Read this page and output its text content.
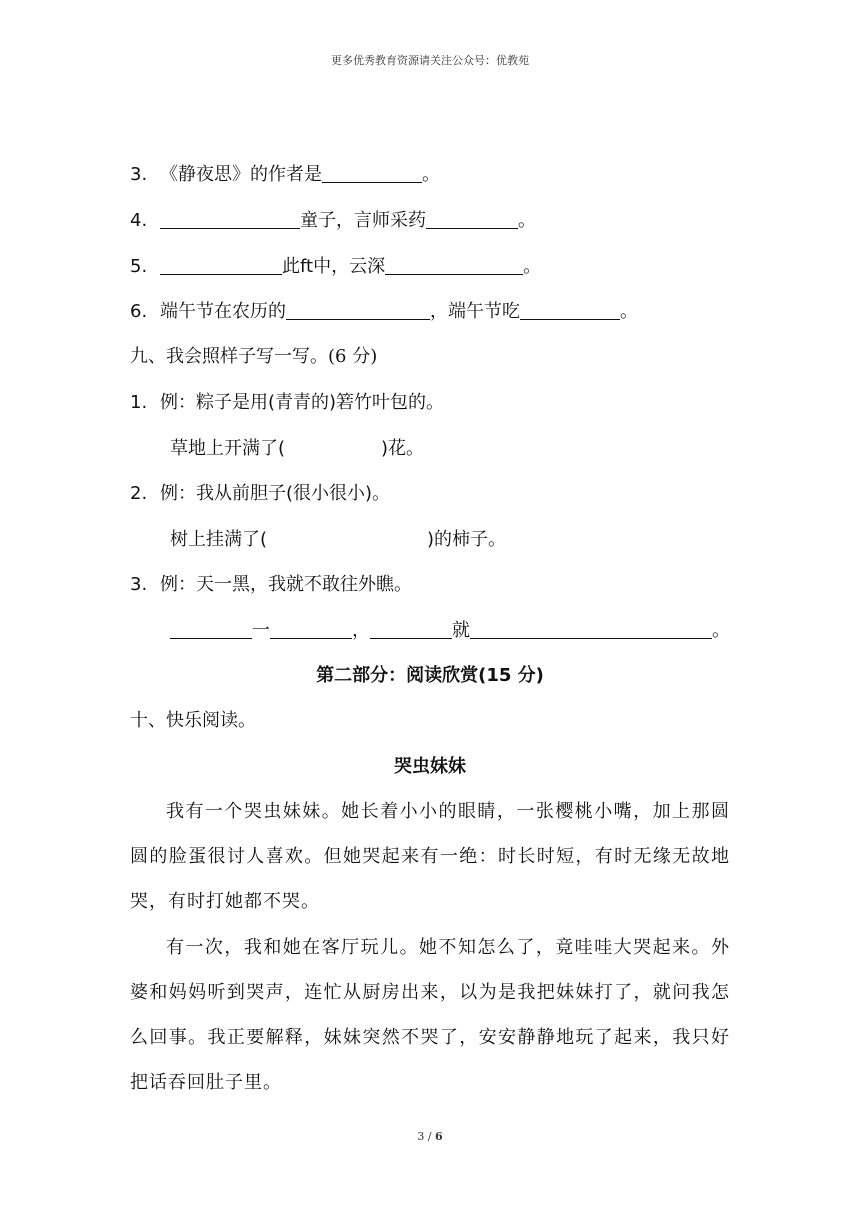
更多优秀教育资源请关注公众号：优教苑
3. 《静夜思》的作者是	。
4.	童子，言师采药	。
5.	此ft中，云深	。
6. 端午节在农历的	，端午节吃	。
九、我会照样子写一写。(6 分)
1. 例：粽子是用(青青的)箬竹叶包的。
草地上开满了(	)花。
2. 例：我从前胆子(很小很小)。
树上挂满了(	)的柿子。
3. 例：天一黑，我就不敢往外瞧。
一	，	就	。
第二部分：阅读欣赏(15 分)
十、快乐阅读。
哭虫妹妹
我有一个哭虫妹妹。她长着小小的眼睛，一张樱桃小嘴，加上那圆圆的脸蛋很讨人喜欢。但她哭起来有一绝：时长时短，有时无缘无故地哭，有时打她都不哭。
有一次，我和她在客厅玩儿。她不知怎么了，竟哇哇大哭起来。外婆和妈妈听到哭声，连忙从厨房出来，以为是我把妹妹打了，就问我怎么回事。我正要解释，妹妹突然不哭了，安安静静地玩了起来，我只好把话吞回肚子里。
3 / 6
